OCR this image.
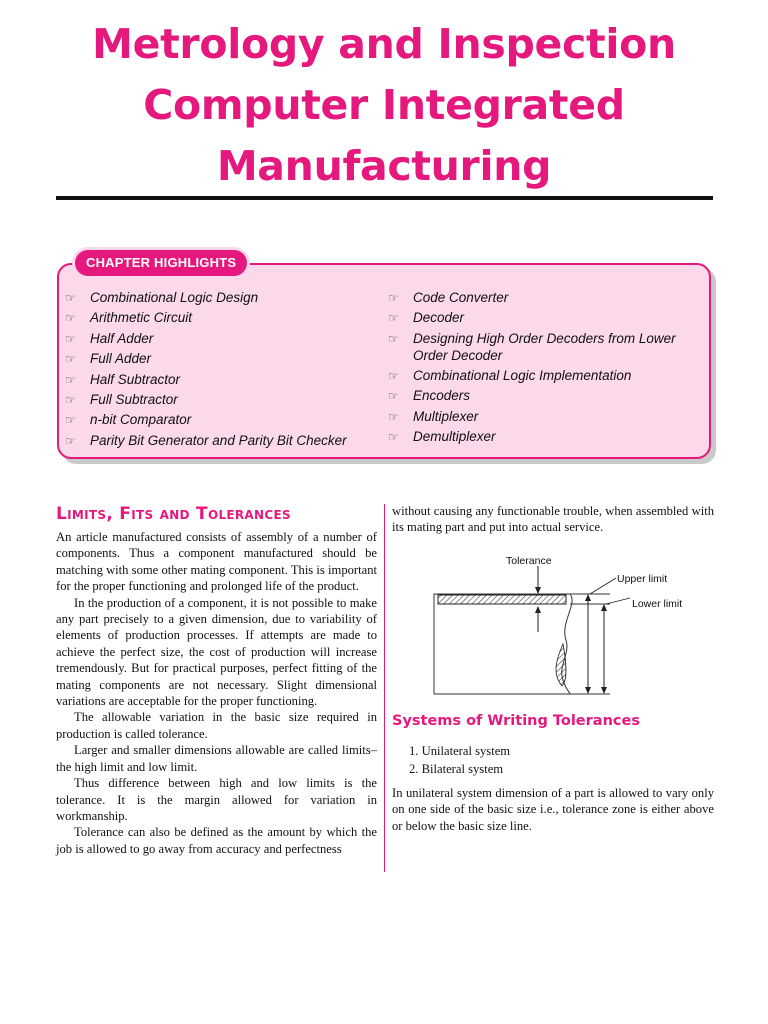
Metrology and Inspection
Computer Integrated
Manufacturing
CHAPTER HIGHLIGHTS
☞ Combinational Logic Design
☞ Arithmetic Circuit
☞ Half Adder
☞ Full Adder
☞ Half Subtractor
☞ Full Subtractor
☞ n-bit Comparator
☞ Parity Bit Generator and Parity Bit Checker
☞ Code Converter
☞ Decoder
☞ Designing High Order Decoders from Lower Order Decoder
☞ Combinational Logic Implementation
☞ Encoders
☞ Multiplexer
☞ Demultiplexer
Limits, Fits and Tolerances

An article manufactured consists of assembly of a number of components. Thus a component manufactured should be matching with some other mating component. This is important for the proper functioning and prolonged life of the product.

In the production of a component, it is not possible to make any part precisely to a given dimension, due to variability of elements of production processes. If attempts are made to achieve the perfect size, the cost of production will increase tremendously. But for practical purposes, perfect fitting of the mating components are not necessary. Slight dimensional variations are acceptable for the proper functioning.

The allowable variation in the basic size required in production is called tolerance.

Larger and smaller dimensions allowable are called limits– the high limit and low limit.

Thus difference between high and low limits is the tolerance. It is the margin allowed for variation in workmanship.

Tolerance can also be defined as the amount by which the job is allowed to go away from accuracy and perfectness

without causing any functionable trouble, when assembled with its mating part and put into actual service.

Tolerance
Upper limit
Lower limit
Systems of Writing Tolerances
1. Unilateral system
2. Bilateral system

In unilateral system dimension of a part is allowed to vary only on one side of the basic size i.e., tolerance zone is either above or below the basic size line.
